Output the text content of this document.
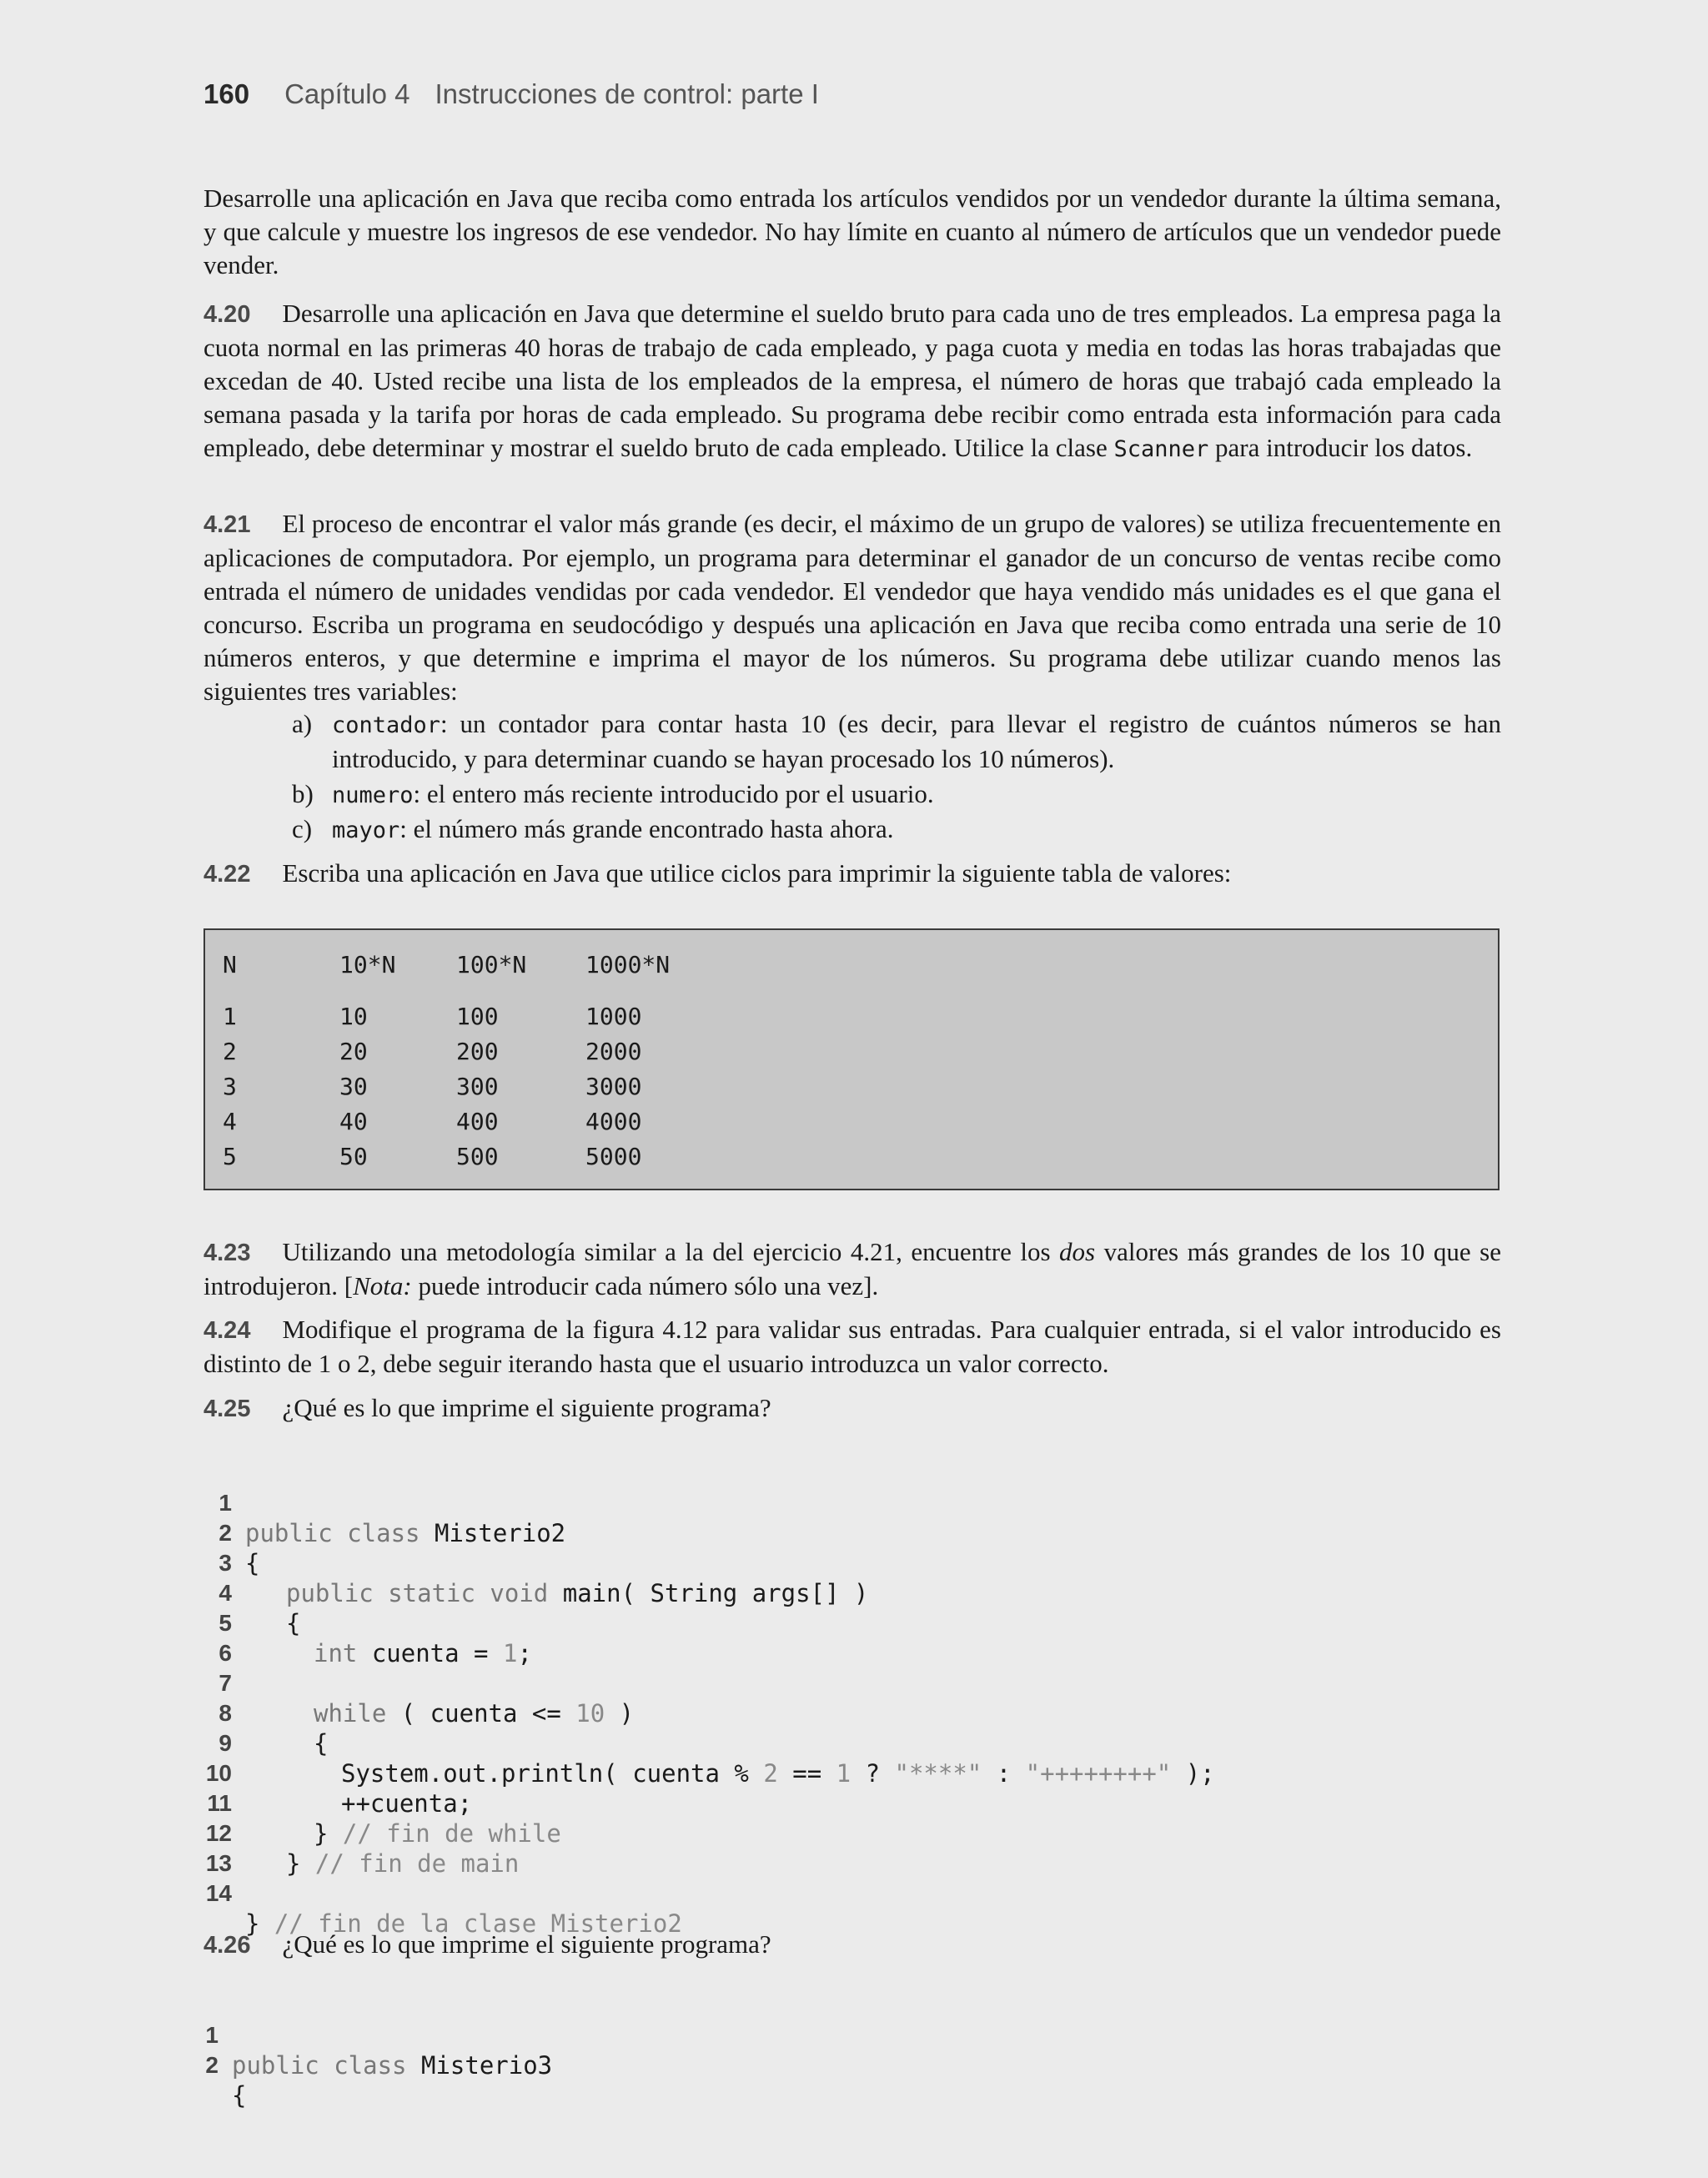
160 Capítulo 4 Instrucciones de control: parte I
Desarrolle una aplicación en Java que reciba como entrada los artículos vendidos por un vendedor durante la última semana, y que calcule y muestre los ingresos de ese vendedor. No hay límite en cuanto al número de artículos que un vendedor puede vender.
4.20 Desarrolle una aplicación en Java que determine el sueldo bruto para cada uno de tres empleados. La empresa paga la cuota normal en las primeras 40 horas de trabajo de cada empleado, y paga cuota y media en todas las horas trabajadas que excedan de 40. Usted recibe una lista de los empleados de la empresa, el número de horas que trabajó cada empleado la semana pasada y la tarifa por horas de cada empleado. Su programa debe recibir como entrada esta información para cada empleado, debe determinar y mostrar el sueldo bruto de cada empleado. Utilice la clase Scanner para introducir los datos.
4.21 El proceso de encontrar el valor más grande (es decir, el máximo de un grupo de valores) se utiliza frecuentemente en aplicaciones de computadora. Por ejemplo, un programa para determinar el ganador de un concurso de ventas recibe como entrada el número de unidades vendidas por cada vendedor. El vendedor que haya vendido más unidades es el que gana el concurso. Escriba un programa en seudocódigo y después una aplicación en Java que reciba como entrada una serie de 10 números enteros, y que determine e imprima el mayor de los números. Su programa debe utilizar cuando menos las siguientes tres variables:
a) contador: un contador para contar hasta 10 (es decir, para llevar el registro de cuántos números se han introducido, y para determinar cuando se hayan procesado los 10 números).
b) numero: el entero más reciente introducido por el usuario.
c) mayor: el número más grande encontrado hasta ahora.
4.22 Escriba una aplicación en Java que utilice ciclos para imprimir la siguiente tabla de valores:
N	10*N	100*N	1000*N
1	10	100	1000
2	20	200	2000
3	30	300	3000
4	40	400	4000
5	50	500	5000
4.23 Utilizando una metodología similar a la del ejercicio 4.21, encuentre los dos valores más grandes de los 10 que se introdujeron. [Nota: puede introducir cada número sólo una vez].
4.24 Modifique el programa de la figura 4.12 para validar sus entradas. Para cualquier entrada, si el valor introducido es distinto de 1 o 2, debe seguir iterando hasta que el usuario introduzca un valor correcto.
4.25 ¿Qué es lo que imprime el siguiente programa?

1

public class Misterio2

2

{

3

public static void main( String args[] )

4

{

5

int cuenta = 1;

6

7

while ( cuenta <= 10 )

8

{

9

System.out.println( cuenta % 2 == 1 ? "****" : "++++++++" );

10

++cuenta;

11

} // fin de while

12

} // fin de main

13

14

} // fin de la clase Misterio2

4.26 ¿Qué es lo que imprime el siguiente programa?

1

public class Misterio3

2

{
